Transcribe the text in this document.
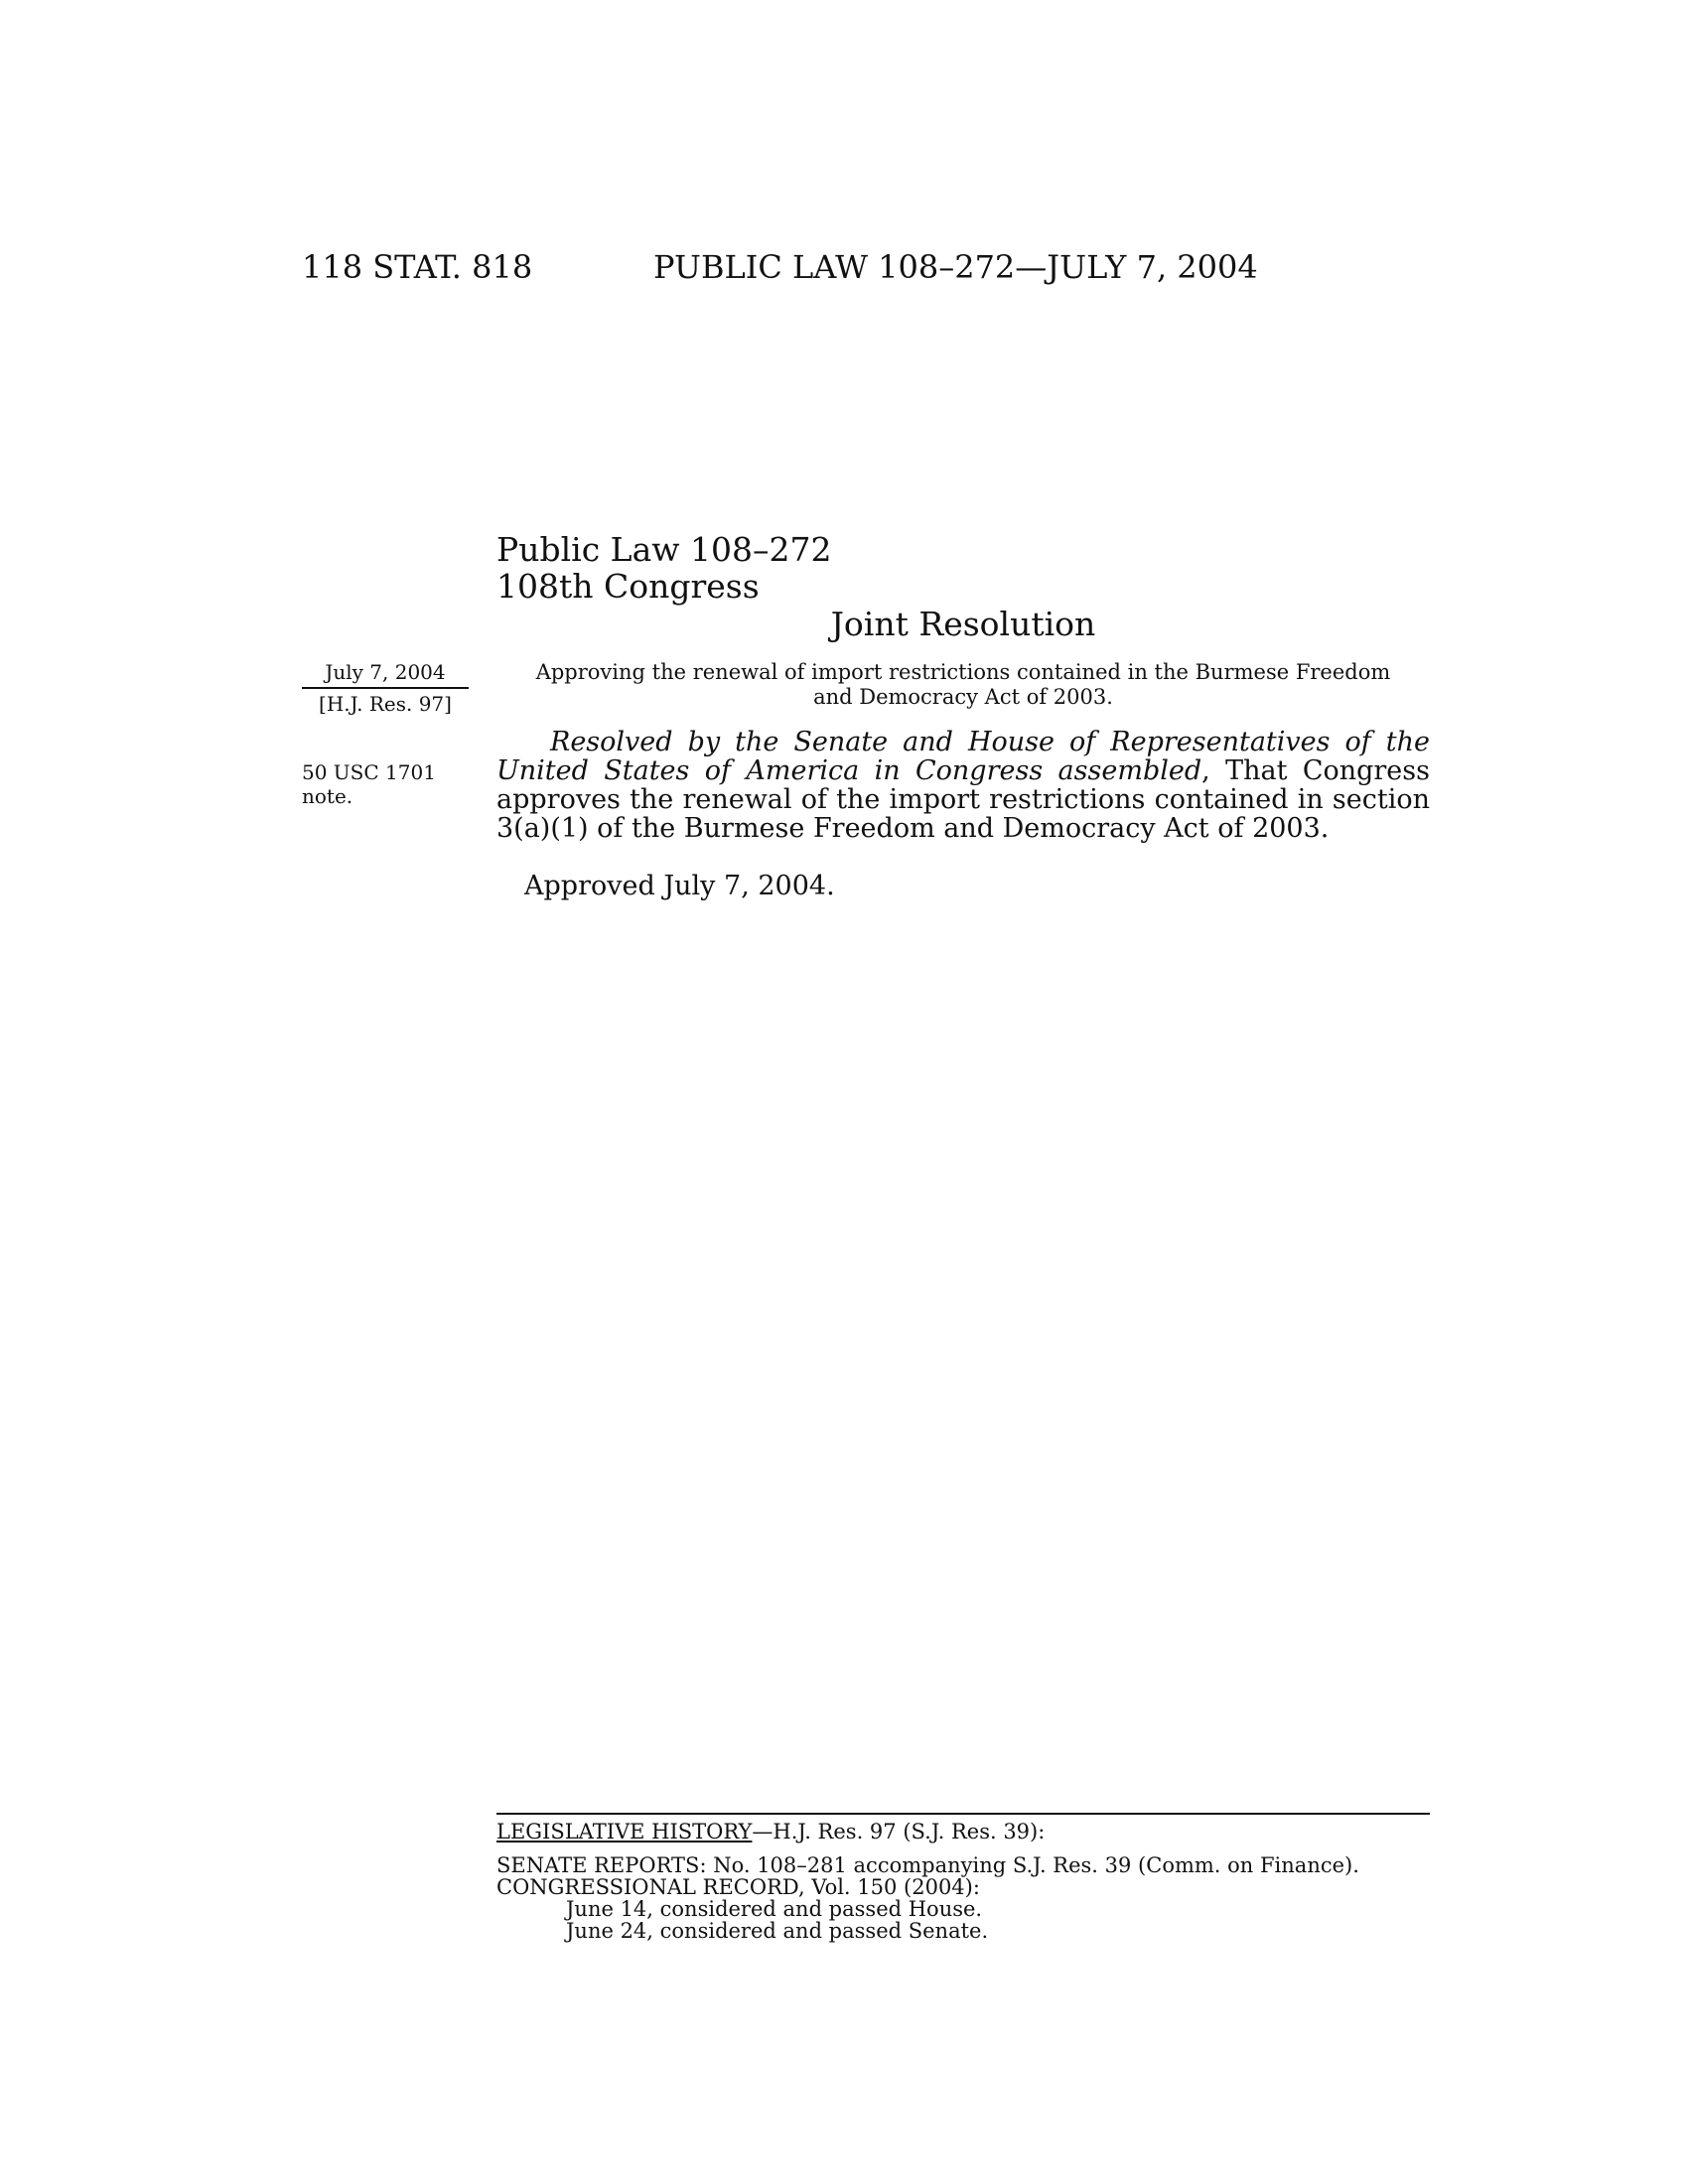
118 STAT. 818	PUBLIC LAW 108–272—JULY 7, 2004
Public Law 108–272
108th Congress
Joint Resolution
July 7, 2004
[H.J. Res. 97]
50 USC 1701
note.
Approving the renewal of import restrictions contained in the Burmese Freedom
and Democracy Act of 2003.
Resolved by the Senate and House of Representatives of the United States of America in Congress assembled, That Congress approves the renewal of the import restrictions contained in section 3(a)(1) of the Burmese Freedom and Democracy Act of 2003.
Approved July 7, 2004.
LEGISLATIVE HISTORY—H.J. Res. 97 (S.J. Res. 39):
SENATE REPORTS: No. 108–281 accompanying S.J. Res. 39 (Comm. on Finance).
CONGRESSIONAL RECORD, Vol. 150 (2004):
June 14, considered and passed House.
June 24, considered and passed Senate.
